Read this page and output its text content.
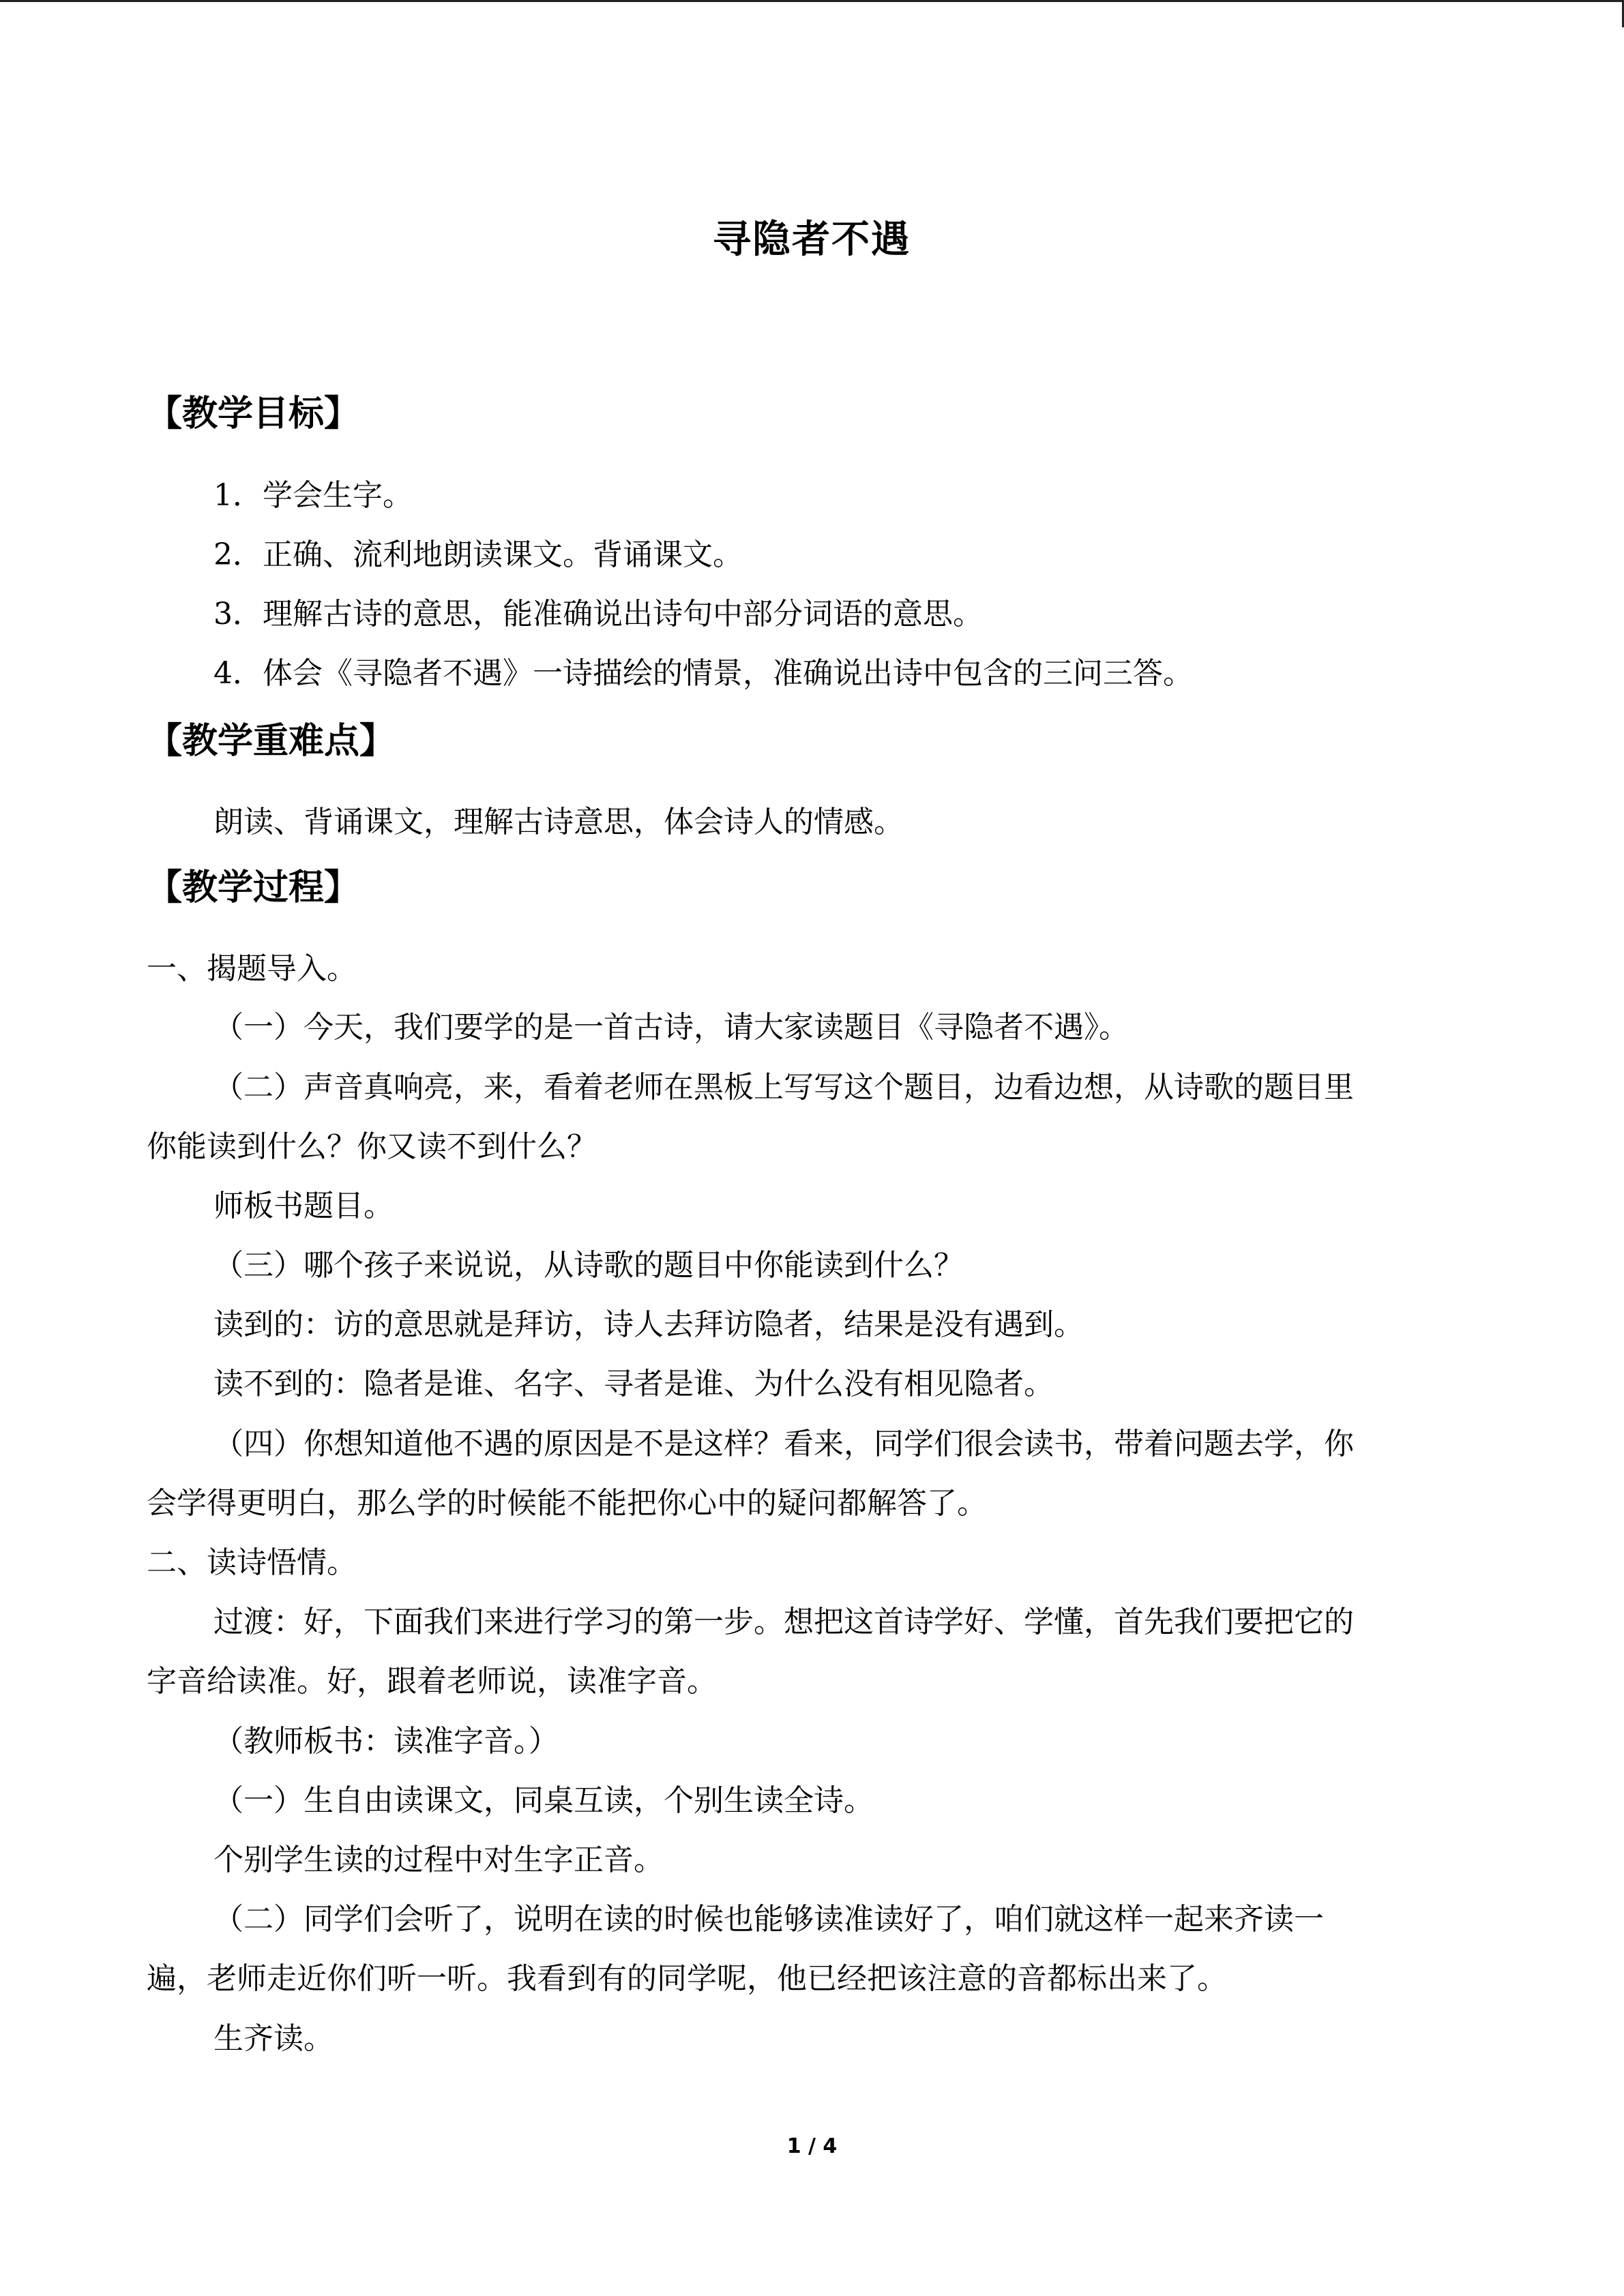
寻隐者不遇
【教学目标】
1．学会生字。
2．正确、流利地朗读课文。背诵课文。
3．理解古诗的意思，能准确说出诗句中部分词语的意思。
4．体会《寻隐者不遇》一诗描绘的情景，准确说出诗中包含的三问三答。
【教学重难点】
朗读、背诵课文，理解古诗意思，体会诗人的情感。
【教学过程】
一、揭题导入。
（一）今天，我们要学的是一首古诗，请大家读题目《寻隐者不遇》。
（二）声音真响亮，来，看着老师在黑板上写写这个题目，边看边想，从诗歌的题目里
你能读到什么？你又读不到什么？
师板书题目。
（三）哪个孩子来说说，从诗歌的题目中你能读到什么？
读到的：访的意思就是拜访，诗人去拜访隐者，结果是没有遇到。
读不到的：隐者是谁、名字、寻者是谁、为什么没有相见隐者。
（四）你想知道他不遇的原因是不是这样？看来，同学们很会读书，带着问题去学，你
会学得更明白，那么学的时候能不能把你心中的疑问都解答了。
二、读诗悟情。
过渡：好，下面我们来进行学习的第一步。想把这首诗学好、学懂，首先我们要把它的
字音给读准。好，跟着老师说，读准字音。
（教师板书：读准字音。）
（一）生自由读课文，同桌互读，个别生读全诗。
个别学生读的过程中对生字正音。
（二）同学们会听了，说明在读的时候也能够读准读好了，咱们就这样一起来齐读一
遍，老师走近你们听一听。我看到有的同学呢，他已经把该注意的音都标出来了。
生齐读。
1 / 4
